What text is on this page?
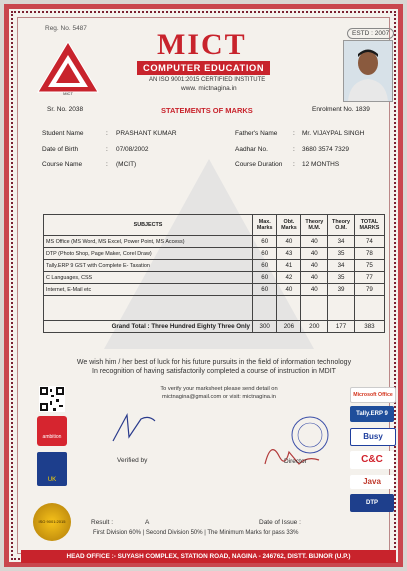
Reg. No. 5487
ESTD : 2007
MICT
MICT
COMPUTER EDUCATION
AN ISO 9001:2015 CERTIFIED INSTITUTE
www. mictnagina.in
Sr. No. 2038	STATEMENTS OF MARKS	Enrolment No. 1839
Student Name	: PRASHANT KUMAR
Date of Birth	: 07/08/2002
Course Name	: (MCIT)
Father's Name : Mr. VIJAYPAL SINGH
Aadhar No.	: 3680 3574 7329
Course Duration : 12 MONTHS
SUBJECTS	Max. Marks	Obt. Marks	Theory M.M.	Theory O.M.	TOTAL MARKS
MS Office (MS Word, MS Excel, Power Point, MS Access)	60	40	40	34	74
DTP (Photo Shop, Page Maker, Corel Draw)	60	43	40	35	78
Tally.ERP 9 GST with Complete E- Taxation	60	41	40	34	75
C Languages, CSS	60	42	40	35	77
Internet, E-Mail etc	60	40	40	39	79

Grand Total : Three Hundred Eighty Three Only	300	206	200	177	383
We wish him / her best of luck for his future pursuits in the field of information technology
In recognition of having satisfactorily completed a course of instruction in MDIT
To verify your marksheet please send detail on
mictnagina@gmail.com or visit: mictnagina.in
ambition
UK
ISO 9001:2015
Microsoft Office
Tally.ERP 9
Busy
C&C
Java
DTP
Verified by	Director
Result :	A	Date of Issue :
First Division 60% | Second Division 50% | The Minimum Marks for pass 33%
HEAD OFFICE :- SUYASH COMPLEX, STATION ROAD, NAGINA - 246762, DISTT. BIJNOR (U.P.)
